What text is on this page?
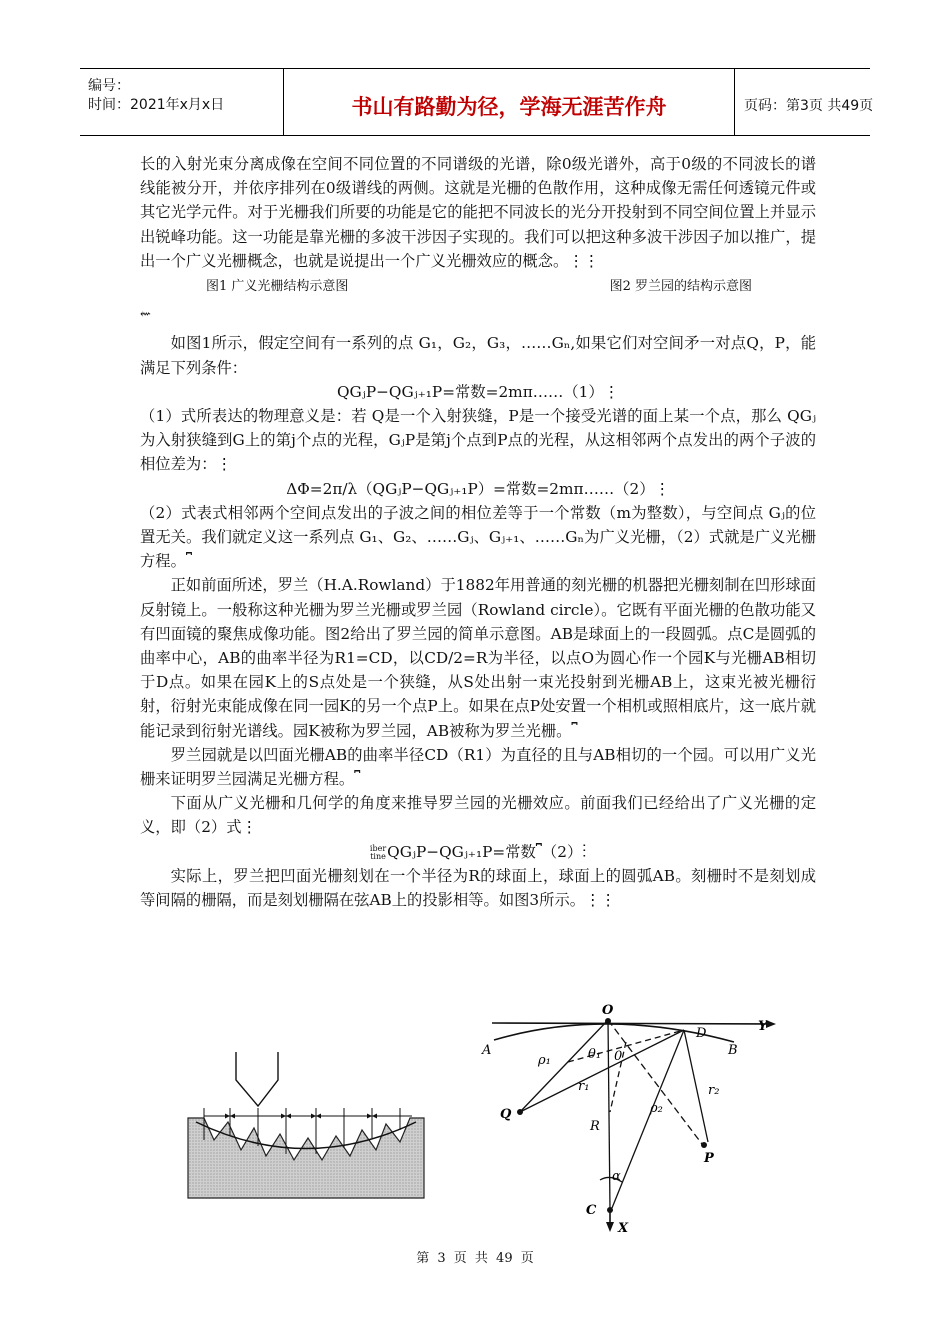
编号：
时间：2021年x月x日	书山有路勤为径，学海无涯苦作舟	页码：第3页 共49页

长的入射光束分离成像在空间不同位置的不同谱级的光谱，除0级光谱外，高于0级的不同波长的谱线能被分开，并依序排列在0级谱线的两侧。这就是光栅的色散作用，这种成像无需任何透镜元件或其它光学元件。对于光栅我们所要的功能是它的能把不同波长的光分开投射到不同空间位置上并显示出锐峰功能。这一功能是靠光栅的多波干涉因子实现的。我们可以把这种多波干涉因子加以推广，提出一个广义光栅概念，也就是说提出一个广义光栅效应的概念。⋮⋮

图1 广义光栅结构示意图	图2 罗兰园的结构示意图
⇜

如图1所示，假定空间有一系列的点 G₁，G₂，G₃，……Gₙ,如果它们对空间矛一对点Q，P，能满足下列条件：

QGⱼP−QGⱼ₊₁P=常数=2mπ……（1）⋮

（1）式所表达的物理意义是：若 Q是一个入射狭缝，P是一个接受光谱的面上某一个点，那么 QGⱼ为入射狭缝到G上的第j个点的光程，GⱼP是第j个点到P点的光程，从这相邻两个点发出的两个子波的相位差为：⋮

ΔΦ=2π/λ（QGⱼP−QGⱼ₊₁P）=常数=2mπ……（2）⋮

（2）式表式相邻两个空间点发出的子波之间的相位差等于一个常数（m为整数），与空间点 Gⱼ的位置无关。我们就定义这一系列点 G₁、G₂、……Gⱼ、Gⱼ₊₁、……Gₙ为广义光栅，（2）式就是广义光栅方程。⎴

正如前面所述，罗兰（H.A.Rowland）于1882年用普通的刻光栅的机器把光栅刻制在凹形球面反射镜上。一般称这种光栅为罗兰光栅或罗兰园（Rowland circle）。它既有平面光栅的色散功能又有凹面镜的聚焦成像功能。图2给出了罗兰园的简单示意图。AB是球面上的一段圆弧。点C是圆弧的曲率中心，AB的曲率半径为R1=CD，以CD/2=R为半径，以点O为圆心作一个园K与光栅AB相切于D点。如果在园K上的S点处是一个狭缝，从S处出射一束光投射到光栅AB上，这束光被光栅衍射，衍射光束能成像在同一园K的另一个点P上。如果在点P处安置一个相机或照相底片，这一底片就能记录到衍射光谱线。园K被称为罗兰园，AB被称为罗兰光栅。⎴

罗兰园就是以凹面光栅AB的曲率半径CD（R1）为直径的且与AB相切的一个园。可以用广义光栅来证明罗兰园满足光栅方程。⎴

下面从广义光栅和几何学的角度来推导罗兰园的光栅效应。前面我们已经给出了广义光栅的定义，即（2）式⋮

iber
tine QGⱼP−QGⱼ₊₁P=常数⎴（2）⋮

实际上，罗兰把凹面光栅刻划在一个半径为R的球面上，球面上的圆弧AB。刻栅时不是刻划成等间隔的栅隔，而是刻划栅隔在弦AB上的投影相等。如图3所示。⋮⋮

O
Y
A	B
D
ρ₁	θ₁ 0
r₁
ρ₂
r₂
Q
R
P
α
C
X
第 3 页 共 49 页
